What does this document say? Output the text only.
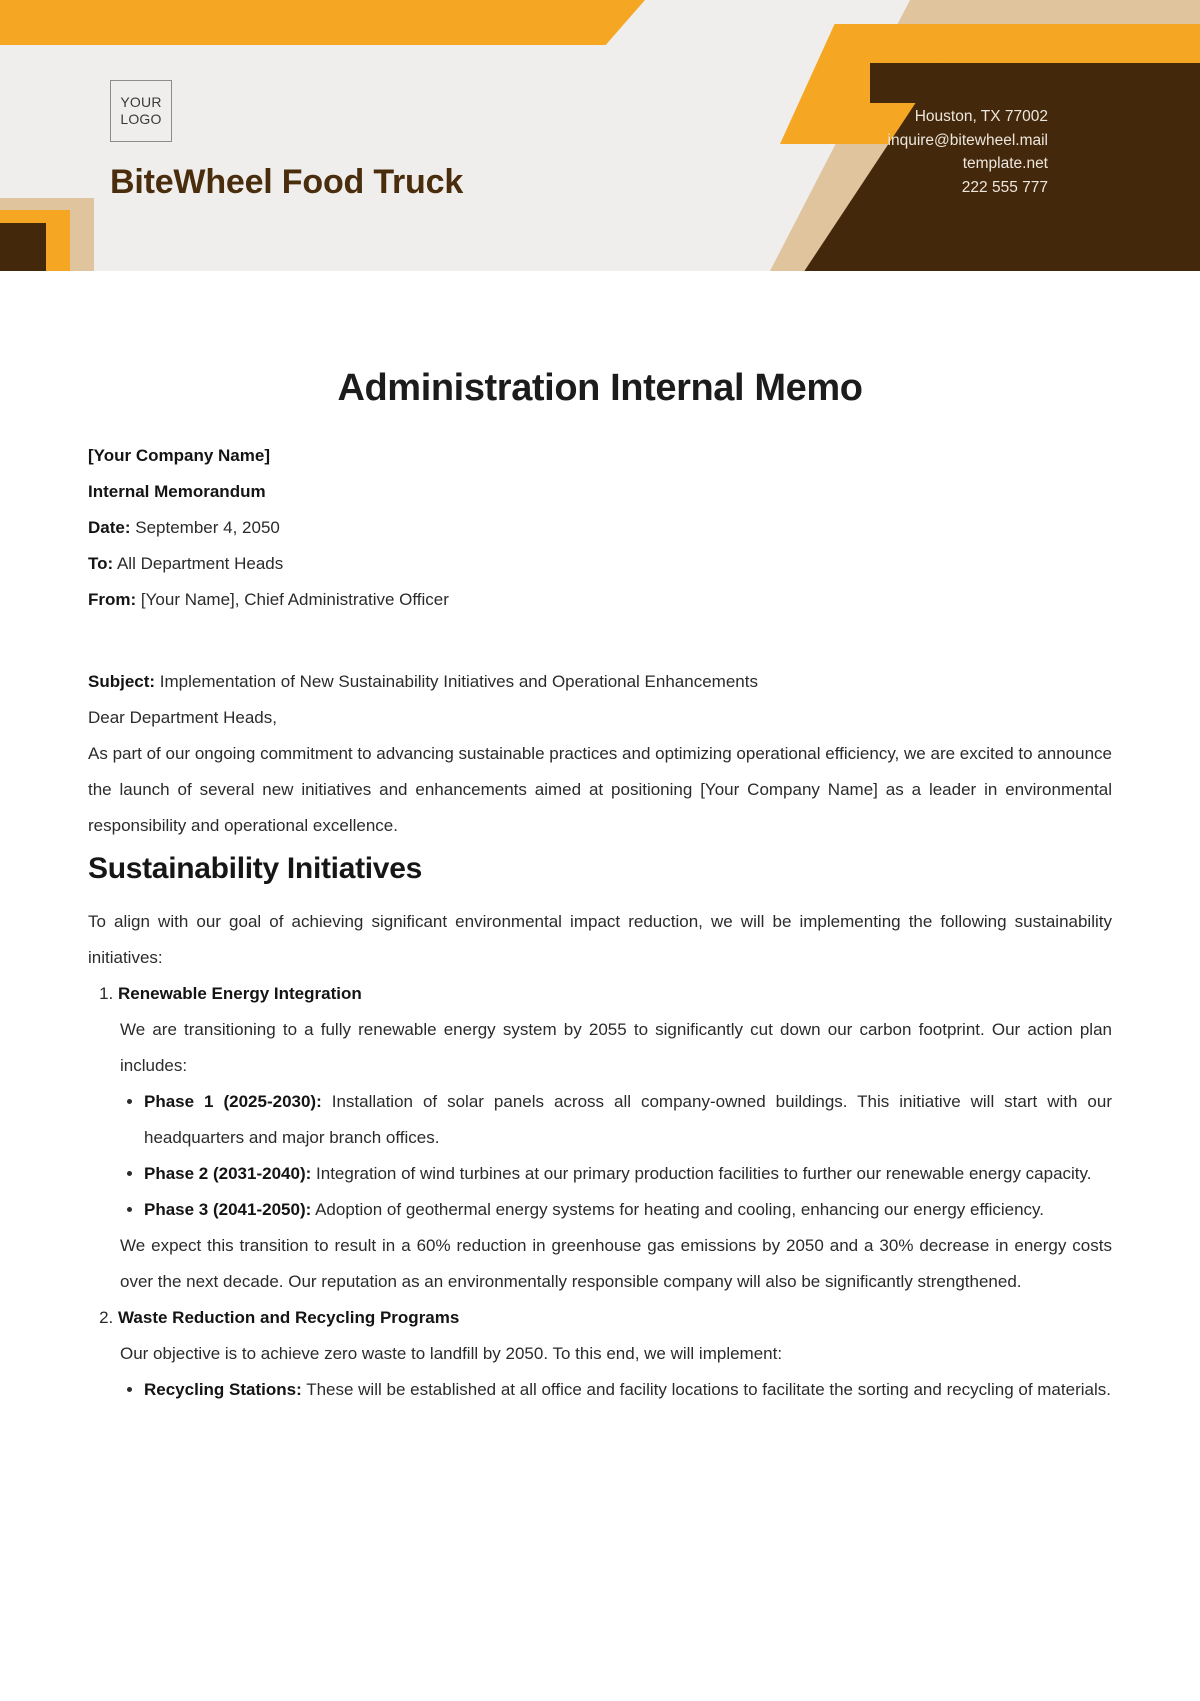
YOUR
LOGO
BiteWheel Food Truck
Houston, TX 77002
inquire@bitewheel.mail
template.net
222 555 777
Administration Internal Memo
[Your Company Name]
Internal Memorandum
Date: September 4, 2050
To: All Department Heads
From: [Your Name], Chief Administrative Officer
Subject: Implementation of New Sustainability Initiatives and Operational Enhancements
Dear Department Heads,

As part of our ongoing commitment to advancing sustainable practices and optimizing operational efficiency, we are excited to announce the launch of several new initiatives and enhancements aimed at positioning [Your Company Name] as a leader in environmental responsibility and operational excellence.

Sustainability Initiatives

To align with our goal of achieving significant environmental impact reduction, we will be implementing the following sustainability initiatives:

1. Renewable Energy Integration

We are transitioning to a fully renewable energy system by 2055 to significantly cut down our carbon footprint. Our action plan includes:

• Phase 1 (2025-2030): Installation of solar panels across all company-owned buildings. This initiative will start with our headquarters and major branch offices.
• Phase 2 (2031-2040): Integration of wind turbines at our primary production facilities to further our renewable energy capacity.
• Phase 3 (2041-2050): Adoption of geothermal energy systems for heating and cooling, enhancing our energy efficiency.

We expect this transition to result in a 60% reduction in greenhouse gas emissions by 2050 and a 30% decrease in energy costs over the next decade. Our reputation as an environmentally responsible company will also be significantly strengthened.

2. Waste Reduction and Recycling Programs

Our objective is to achieve zero waste to landfill by 2050. To this end, we will implement:

• Recycling Stations: These will be established at all office and facility locations to facilitate the sorting and recycling of materials.
